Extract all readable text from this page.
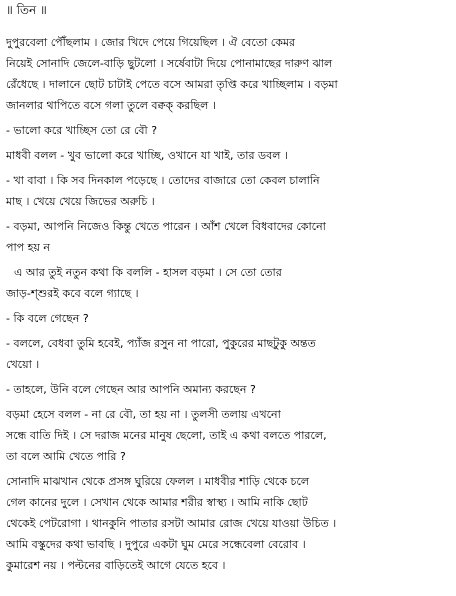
॥ তিন ॥
দুপুরবেলা পৌঁছলাম । জোর খিদে পেয়ে গিয়েছিল । ঐ বেতো কেমর
নিয়েই সোনাদি জেলে-বাড়ি ছুটলো । সর্ষেবাটা দিয়ে পোনামাছের দারুণ ঝাল
রেঁধেছে । দালানে ছোট চাটাই পেতে বসে আমরা তৃপ্তি করে খাচ্ছিলাম । বড়মা
জানলার থাপিতে বসে গলা তুলে বক্বক্ করছিল ।
- ভালো করে খাচ্ছিস তো রে বৌ ?
মাধবী বলল - খুব ভালো করে খাচ্ছি, ওখানে যা খাই, তার ডবল ।
- খা বাবা । কি সব দিনকাল পড়েছে । তোদের বাজারে তো কেবল চালানি
মাছ । খেয়ে খেয়ে জিভের অরুচি ।
- বড়মা, আপনি নিজেও কিন্তু খেতে পারেন । আঁশ খেলে বিধবাদের কোনো
পাপ হয় ন
এ আর তুই নতুন কথা কি বললি - হাসল বড়মা । সে তো তোর
জাড়-শ্শুরই কবে বলে গ্যাছে ।
- কি বলে গেছেন ?
- বললে, বেধবা তুমি হবেই, প্যাঁজ রসুন না পারো, পুকুরের মাছটুকু অন্তত
খেয়ো ।
- তাহলে, উনি বলে গেছেন আর আপনি অমান্য করছেন ?
বড়মা হেসে বলল - না রে বৌ, তা হয় না । তুলসী তলায় এখনো
সন্ধে বাতি দিই । সে দরাজ মনের মানুষ ছেলো, তাই এ কথা বলতে পারলে,
তা বলে আমি খেতে পারি ?
সোনাদি মাঝখান থেকে প্রসঙ্গ ঘুরিয়ে ফেলল । মাধবীর শাড়ি থেকে চলে
গেল কানের দুলে । সেখান থেকে আমার শরীর স্বাস্থ্য । আমি নাকি ছোট
থেকেই পেটরোগা । থানকুনি পাতার রসটা আমার রোজ খেয়ে যাওয়া উচিত ।
আমি বস্কুদের কথা ভাবছি । দুপুরে একটা ঘুম মেরে সন্ধেবেলা বেরোব ।
কুমারেশ নয় । পল্টনের বাড়িতেই আগে যেতে হবে ।
